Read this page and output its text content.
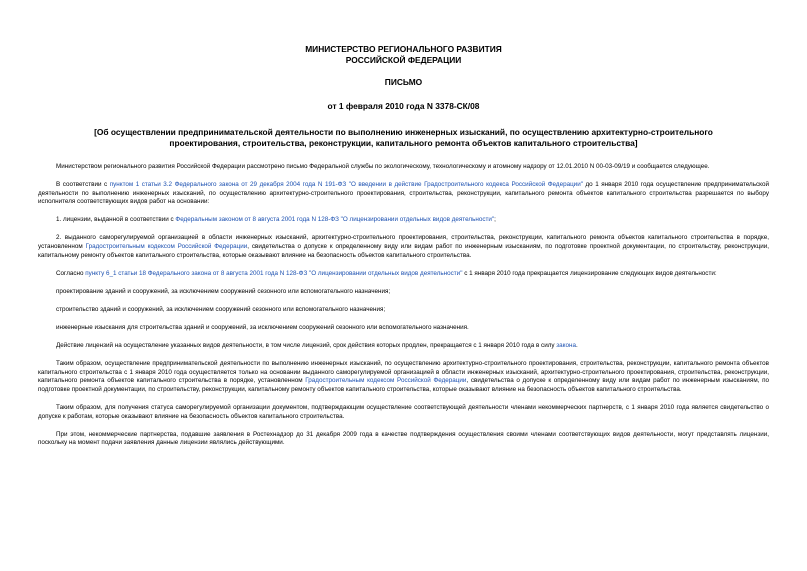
МИНИСТЕРСТВО РЕГИОНАЛЬНОГО РАЗВИТИЯ
РОССИЙСКОЙ ФЕДЕРАЦИИ
ПИСЬМО
от 1 февраля 2010 года N 3378-СК/08
[Об осуществлении предпринимательской деятельности по выполнению инженерных изысканий, по осуществлению архитектурно-строительного проектирования, строительства, реконструкции, капитального ремонта объектов капитального строительства]

Министерством регионального развития Российской Федерации рассмотрено письмо Федеральной службы по экологическому, технологическому и атомному надзору от 12.01.2010 N 00-03-09/19 и сообщается следующее.

В соответствии с пунктом 1 статьи 3.2 Федерального закона от 29 декабря 2004 года N 191-ФЗ "О введении в действие Градостроительного кодекса Российской Федерации" до 1 января 2010 года осуществление предпринимательской деятельности по выполнению инженерных изысканий, по осуществлению архитектурно-строительного проектирования, строительства, реконструкции, капитального ремонта объектов капитального строительства разрешается по выбору исполнителя соответствующих видов работ на основании:

1. лицензии, выданной в соответствии с Федеральным законом от 8 августа 2001 года N 128-ФЗ "О лицензировании отдельных видов деятельности";

2. выданного саморегулируемой организацией в области инженерных изысканий, архитектурно-строительного проектирования, строительства, реконструкции, капитального ремонта объектов капитального строительства в порядке, установленном Градостроительным кодексом Российской Федерации, свидетельства о допуске к определенному виду или видам работ по инженерным изысканиям, по подготовке проектной документации, по строительству, реконструкции, капитальному ремонту объектов капитального строительства, которые оказывают влияние на безопасность объектов капитального строительства.

Согласно пункту 6_1 статьи 18 Федерального закона от 8 августа 2001 года N 128-ФЗ "О лицензировании отдельных видов деятельности" с 1 января 2010 года прекращается лицензирование следующих видов деятельности:

проектирование зданий и сооружений, за исключением сооружений сезонного или вспомогательного назначения;

строительство зданий и сооружений, за исключением сооружений сезонного или вспомогательного назначения;

инженерные изыскания для строительства зданий и сооружений, за исключением сооружений сезонного или вспомогательного назначения.

Действие лицензий на осуществление указанных видов деятельности, в том числе лицензий, срок действия которых продлен, прекращается с 1 января 2010 года в силу закона.

Таким образом, осуществление предпринимательской деятельности по выполнению инженерных изысканий, по осуществлению архитектурно-строительного проектирования, строительства, реконструкции, капитального ремонта объектов капитального строительства с 1 января 2010 года осуществляется только на основании выданного саморегулируемой организацией в области инженерных изысканий, архитектурно-строительного проектирования, строительства, реконструкции, капитального ремонта объектов капитального строительства в порядке, установленном Градостроительным кодексом Российской Федерации, свидетельства о допуске к определенному виду или видам работ по инженерным изысканиям, по подготовке проектной документации, по строительству, реконструкции, капитальному ремонту объектов капитального строительства, которые оказывают влияние на безопасность объектов капитального строительства.

Таким образом, для получения статуса саморегулируемой организации документом, подтверждающим осуществление соответствующей деятельности членами некоммерческих партнерств, с 1 января 2010 года является свидетельство о допуске к работам, которые оказывают влияние на безопасность объектов капитального строительства.

При этом, некоммерческие партнерства, подавшие заявления в Ростехнадзор до 31 декабря 2009 года в качестве подтверждения осуществления своими членами соответствующих видов деятельности, могут представлять лицензии, поскольку на момент подачи заявления данные лицензии являлись действующими.
